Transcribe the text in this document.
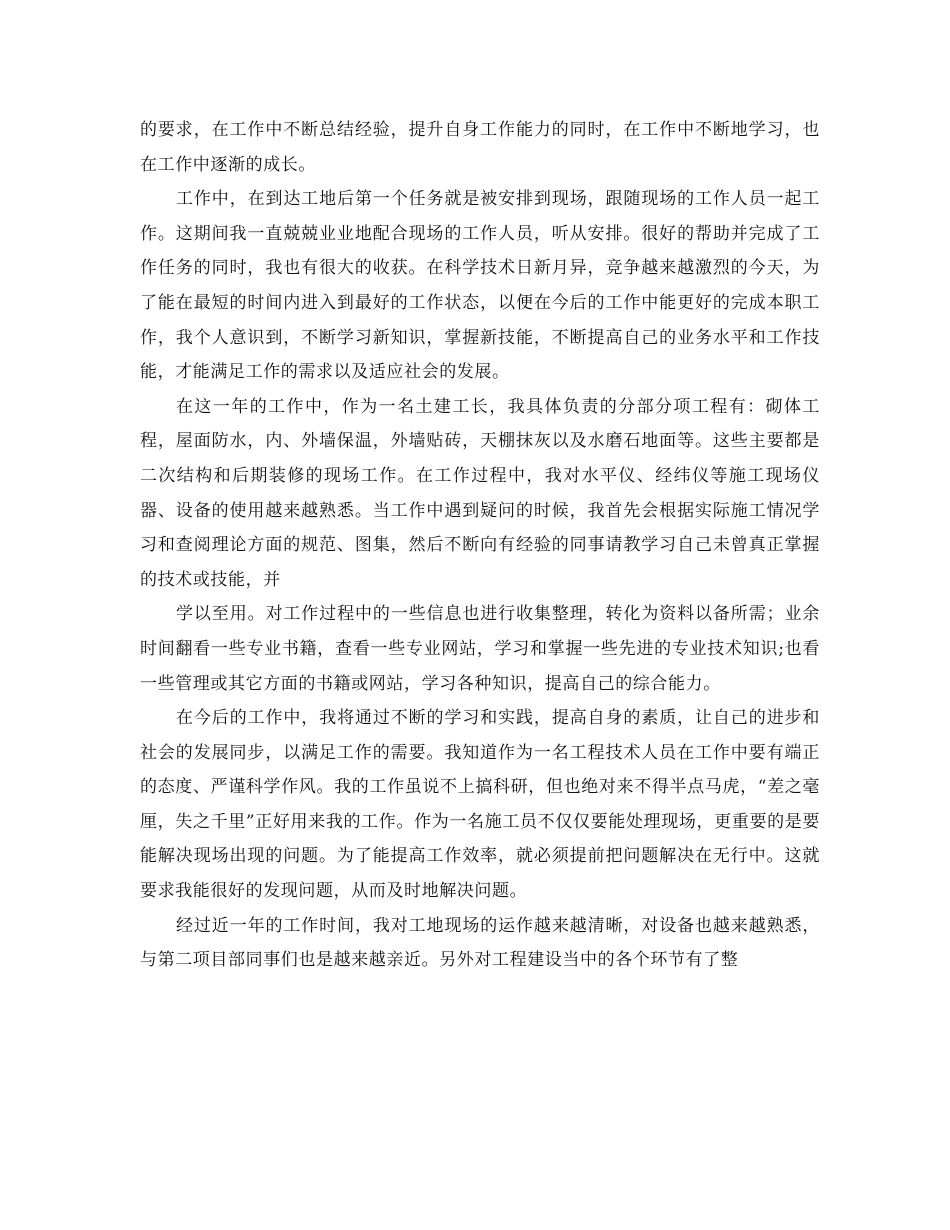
的要求，在工作中不断总结经验，提升自身工作能力的同时，在工作中不断地学习，也在工作中逐渐的成长。

工作中，在到达工地后第一个任务就是被安排到现场，跟随现场的工作人员一起工作。这期间我一直兢兢业业地配合现场的工作人员，听从安排。很好的帮助并完成了工作任务的同时，我也有很大的收获。在科学技术日新月异，竞争越来越激烈的今天，为了能在最短的时间内进入到最好的工作状态，以便在今后的工作中能更好的完成本职工作，我个人意识到，不断学习新知识，掌握新技能，不断提高自己的业务水平和工作技能，才能满足工作的需求以及适应社会的发展。

在这一年的工作中，作为一名土建工长，我具体负责的分部分项工程有：砌体工程，屋面防水，内、外墙保温，外墙贴砖，天棚抹灰以及水磨石地面等。这些主要都是二次结构和后期装修的现场工作。在工作过程中，我对水平仪、经纬仪等施工现场仪器、设备的使用越来越熟悉。当工作中遇到疑问的时候，我首先会根据实际施工情况学习和查阅理论方面的规范、图集，然后不断向有经验的同事请教学习自己未曾真正掌握的技术或技能，并

学以至用。对工作过程中的一些信息也进行收集整理，转化为资料以备所需；业余时间翻看一些专业书籍，查看一些专业网站，学习和掌握一些先进的专业技术知识;也看一些管理或其它方面的书籍或网站，学习各种知识，提高自己的综合能力。

在今后的工作中，我将通过不断的学习和实践，提高自身的素质，让自己的进步和社会的发展同步，以满足工作的需要。我知道作为一名工程技术人员在工作中要有端正的态度、严谨科学作风。我的工作虽说不上搞科研，但也绝对来不得半点马虎，“差之毫厘，失之千里”正好用来我的工作。作为一名施工员不仅仅要能处理现场，更重要的是要能解决现场出现的问题。为了能提高工作效率，就必须提前把问题解决在无行中。这就要求我能很好的发现问题，从而及时地解决问题。

经过近一年的工作时间，我对工地现场的运作越来越清晰，对设备也越来越熟悉，与第二项目部同事们也是越来越亲近。另外对工程建设当中的各个环节有了整
